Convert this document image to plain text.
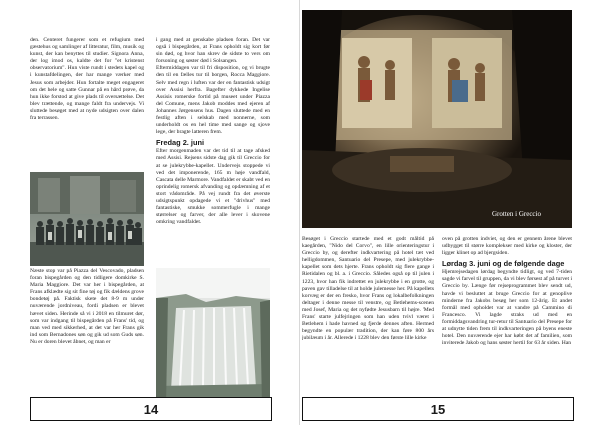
den. Centeret fungerer som et refugium med gæstehus og samlinger af litteratur, film, musik og kunst, der kan benyttes til studier. Signora Anna, der log imod os, kaldte det for "et kristenst observatorium". Hun viste rundt i stedets kapel og i kunstafdelingen, der har mange værker med Jesus som arbejder. Hun fortalte meget engageret om det hele og satte Gunnar på en hård prøve, da hun ikke forstod at give plads til oversættelse. Det blev trættende, og mange faldt fra undervejs. Vi sluttede besøget med at nyde udsigten over dalen fra terrassen.

Næste stop var på Piazza del Vescovado, pladsen foran bispegården og den tidligere domkirke S. Maria Maggiore. Det var her i bispegården, at Frans afklædte sig sit fine tøj og fik dældens grove bondetøj på. Faktisk skete det 8-9 m under nuværende jordniveau, fordi pladsen er blevet hævet siden. Herinde så vi i 2018 en tilmuret dør, som var indgang til bispegården på Frans' tid, og man ved med sikkerhed, at det var her Frans gik ind som Bernadones søn og gik ud som Guds søn. Nu er doren blevet åbnet, og man er

i gang med at genskabe pladsen foran. Det var også i bispegården, at Frans opholdt sig kort før sin død, og hvor han skrev de sidste to vers om forsoning og søster død i Solsangen.

Eftermiddagen var til fri disposition, og vi brugte den til en fælles tur til borgen, Rocca Maggiore. Selv med regn i luften var der en fantastisk udsigt over Assisi herfra. Bagefter dykkede Ingelise Assisis romerske fortid på museet under Piazza del Comune, mens Jakob moddes med ejeren af Johannes Jørgensens hus. Dagen sluttede med en festlig aften i selskab med nonnerne, som underholdt os en hel time med sange og sjove lege, der bragte latteren frem.

Fredag 2. juni

Efter morgenmaden var det tid til at tage afsked med Assisi. Rejsens sidste dag gik til Greccio for at se julekrybbe-kapellet. Undervejs stoppede vi ved det imponerende, 165 m høje vandfald, Cascata delle Marmore. Vandfaldet er skabt ved en oprindelig romersk afvanding og opdæmning af et stort vådområde. På vej rundt fra det øverste udsigtspunkt opdagede vi et "drivhus" med fantastiske, smukke sommerfugle i mange størrelser og farver, der alle lever i skovene omkring vandfaldet.

14
Grotten i Greccio

Besøget i Greccio startede med et godt måltid på kaegården, "Nido del Corvo", en lille orienteringstur i Greccio by, og derefter indkvartering på hotel tæt ved helligdommen, Santuario del Presepe, med julekrybbe-kapellet som dets hjerte. Frans opholdt sig flere gange i Rietidalen og bl. a. i Greccio. Således også op til julen i 1223, hvor han fik indrettet en julekrybbe i en grotte, og paven gav tilladelse til at holde julemesse her. På kapellets korvæg er der en fresko, hvor Frans og lokalbefolkningen deltager i denne messe til venstre, og Betlehems-scenen med Josef, Maria og det nyfødte Jesusbarn til højre. 'Med Frans' starte julfejringen som han uden tvivl været i Betlehem i hade havned og fjerde dennes aften. Hermed begyndte en populær tradition, der kan føre 800 års jubilæum i år. Allerede i 1228 blev den første lille kirke

oven på grotten indviet, og den er gennem årene blevet udbygget til større komplekser med kirke og kloster, der ligger klinet op ad bjergsiden.

Lørdag 3. juni og de følgende dage

Hjemrejsedagen lørdag begyndte tidligt, og ved 7-tiden sagde vi farvel til gruppen, da vi blev førsest af på turvet i Greccio by. Længe før rejseprogrammet blev sendt ud, havde vi besluttet at bruge Greccio for at genoplive minderne fra Jakobs besøg her som 12-årig. Et andet formål med opholdet var at vandre på Cammino di Francesco. Vi lagde straks ud med en formiddagsvandring tur-retur til Santuario del Presepe for at udnytte tiden frem til indkvarteringen på byens eneste hotel. Den nuværende ejer har købt det af familien, som inviterede Jakob og hans søster hertil for 63 år siden. Han

15
